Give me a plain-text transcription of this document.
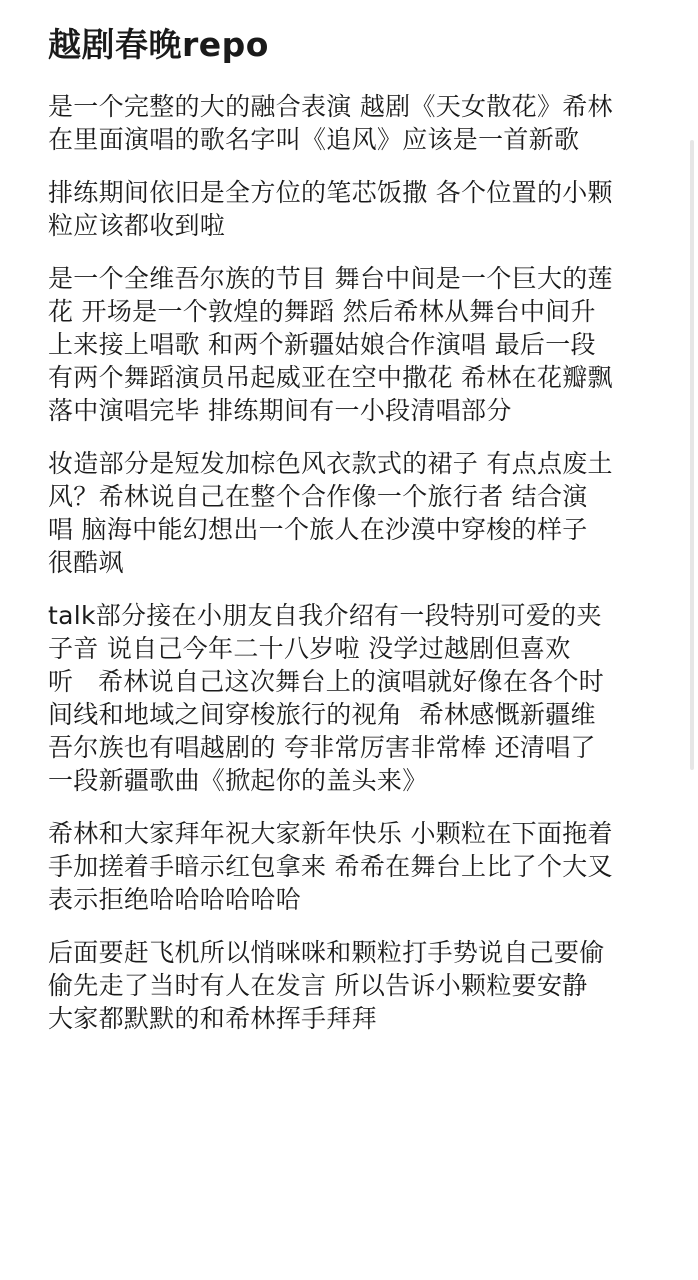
越剧春晚repo
是一个完整的大的融合表演 越剧《天女散花》希林
在里面演唱的歌名字叫《追风》应该是一首新歌
排练期间依旧是全方位的笔芯饭撒 各个位置的小颗
粒应该都收到啦
是一个全维吾尔族的节目 舞台中间是一个巨大的莲
花 开场是一个敦煌的舞蹈 然后希林从舞台中间升
上来接上唱歌 和两个新疆姑娘合作演唱 最后一段
有两个舞蹈演员吊起威亚在空中撒花 希林在花瓣飘
落中演唱完毕 排练期间有一小段清唱部分
妆造部分是短发加棕色风衣款式的裙子 有点点废土
风？希林说自己在整个合作像一个旅行者 结合演
唱 脑海中能幻想出一个旅人在沙漠中穿梭的样子
很酷飒
talk部分接在小朋友自我介绍有一段特别可爱的夹
子音 说自己今年二十八岁啦 没学过越剧但喜欢
听   希林说自己这次舞台上的演唱就好像在各个时
间线和地域之间穿梭旅行的视角  希林感慨新疆维
吾尔族也有唱越剧的 夸非常厉害非常棒 还清唱了
一段新疆歌曲《掀起你的盖头来》
希林和大家拜年祝大家新年快乐 小颗粒在下面拖着
手加搓着手暗示红包拿来 希希在舞台上比了个大叉
表示拒绝哈哈哈哈哈哈
后面要赶飞机所以悄咪咪和颗粒打手势说自己要偷
偷先走了当时有人在发言 所以告诉小颗粒要安静
大家都默默的和希林挥手拜拜
